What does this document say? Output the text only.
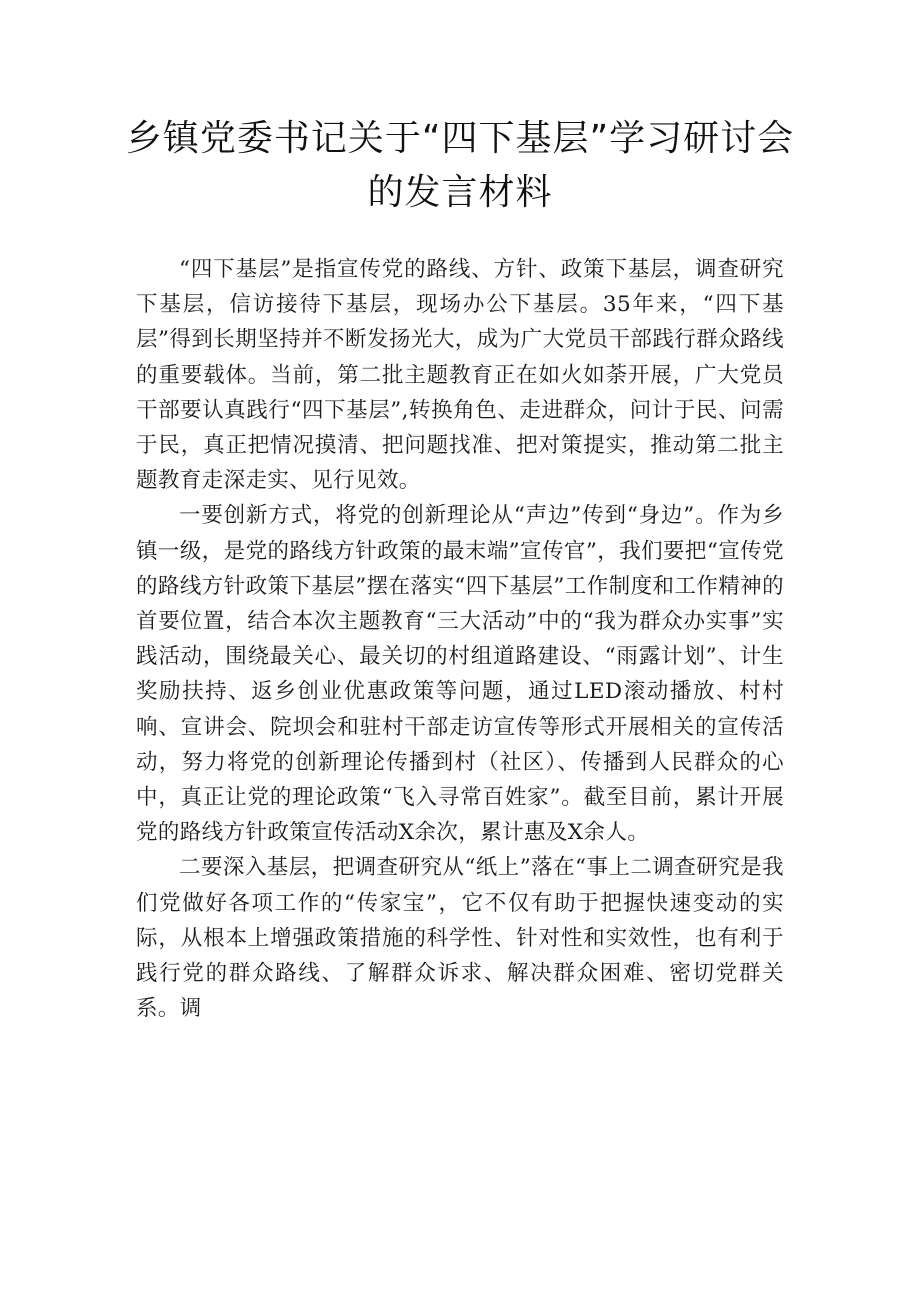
乡镇党委书记关于“四下基层”学习研讨会
的发言材料

“四下基层”是指宣传党的路线、方针、政策下基层，调查研究下基层，信访接待下基层，现场办公下基层。35年来，“四下基层”得到长期坚持并不断发扬光大，成为广大党员干部践行群众路线的重要载体。当前，第二批主题教育正在如火如荼开展，广大党员干部要认真践行“四下基层”,转换角色、走进群众，问计于民、问需于民，真正把情况摸清、把问题找准、把对策提实，推动第二批主题教育走深走实、见行见效。

一要创新方式，将党的创新理论从“声边”传到“身边”。作为乡镇一级，是党的路线方针政策的最末端”宣传官”，我们要把“宣传党的路线方针政策下基层”摆在落实“四下基层”工作制度和工作精神的首要位置，结合本次主题教育“三大活动”中的“我为群众办实事”实践活动，围绕最关心、最关切的村组道路建设、“雨露计划”、计生奖励扶持、返乡创业优惠政策等问题，通过LED滚动播放、村村响、宣讲会、院坝会和驻村干部走访宣传等形式开展相关的宣传活动，努力将党的创新理论传播到村（社区）、传播到人民群众的心中，真正让党的理论政策“飞入寻常百姓家”。截至目前，累计开展党的路线方针政策宣传活动X余次，累计惠及X余人。

二要深入基层，把调查研究从“纸上”落在“事上二调查研究是我们党做好各项工作的“传家宝”，它不仅有助于把握快速变动的实际，从根本上增强政策措施的科学性、针对性和实效性，也有利于践行党的群众路线、了解群众诉求、解决群众困难、密切党群关系。调
